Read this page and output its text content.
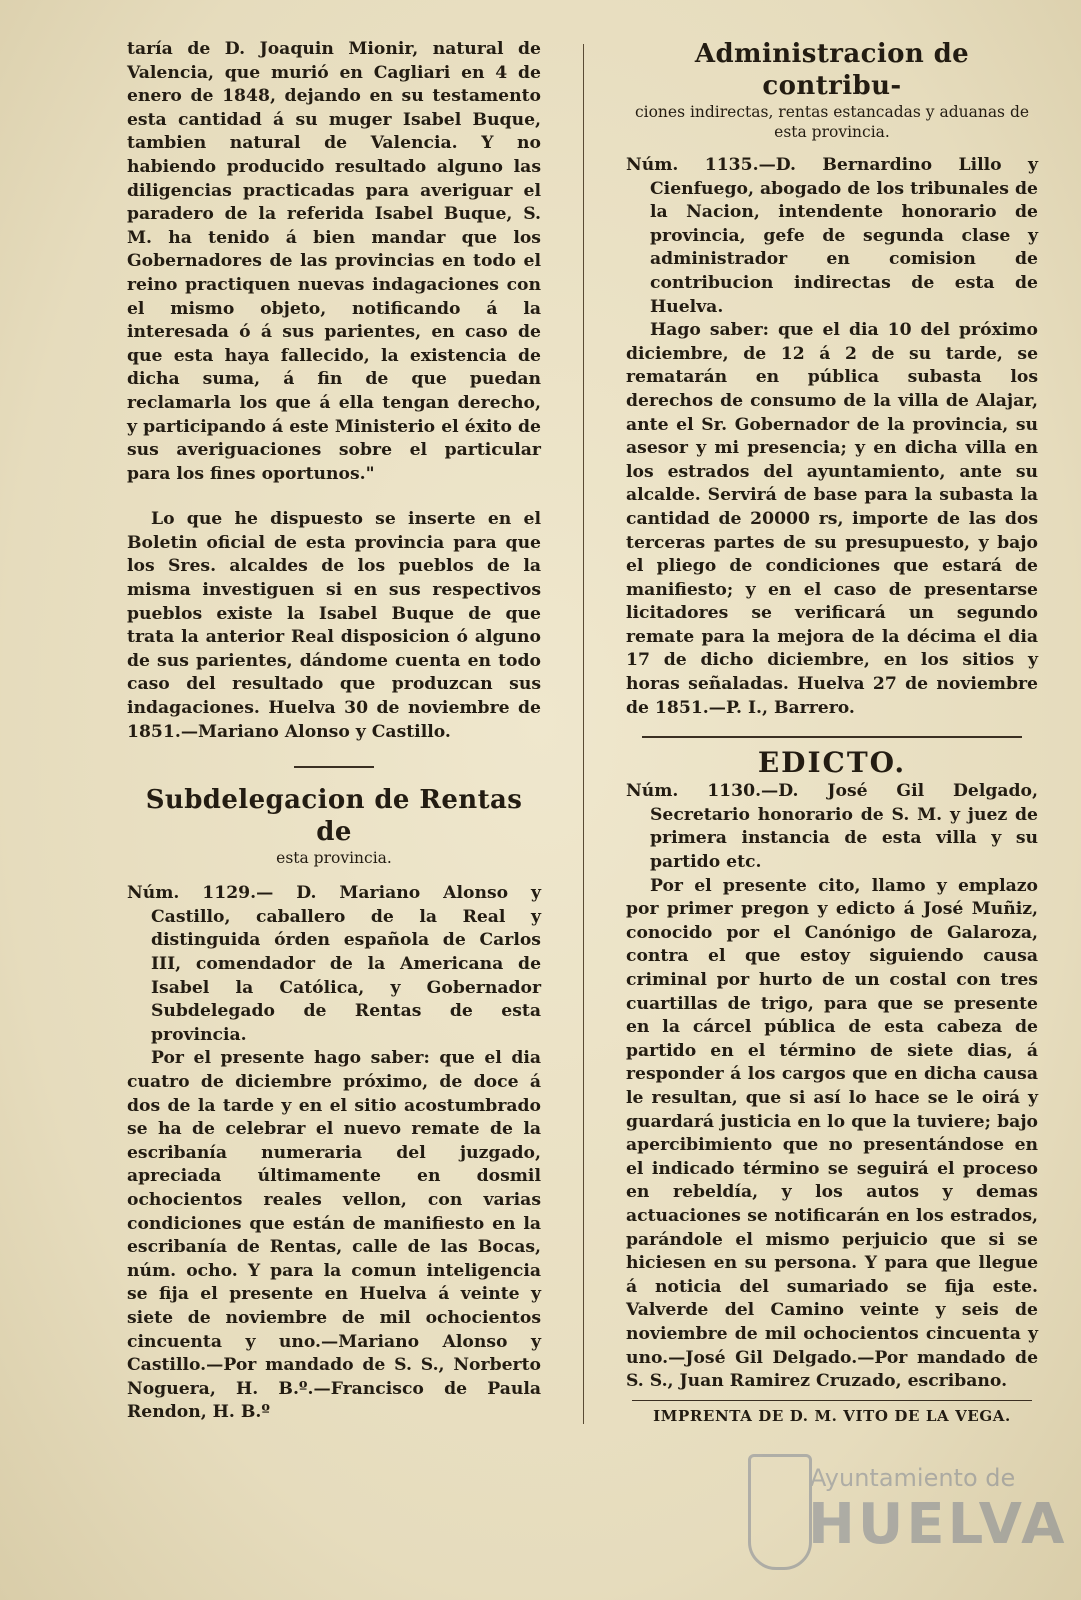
taría de D. Joaquin Mionir, natural de Valencia, que murió en Cagliari en 4 de enero de 1848, dejando en su testamento esta cantidad á su muger Isabel Buque, tambien natural de Valencia. Y no habiendo producido resultado alguno las diligencias practicadas para averiguar el paradero de la referida Isabel Buque, S. M. ha tenido á bien mandar que los Gobernadores de las provincias en todo el reino practiquen nuevas indagaciones con el mismo objeto, notificando á la interesada ó á sus parientes, en caso de que esta haya fallecido, la existencia de dicha suma, á fin de que puedan reclamarla los que á ella tengan derecho, y participando á este Ministerio el éxito de sus averiguaciones sobre el particular para los fines oportunos."

Lo que he dispuesto se inserte en el Boletin oficial de esta provincia para que los Sres. alcaldes de los pueblos de la misma investiguen si en sus respectivos pueblos existe la Isabel Buque de que trata la anterior Real disposicion ó alguno de sus parientes, dándome cuenta en todo caso del resultado que produzcan sus indagaciones. Huelva 30 de noviembre de 1851.—Mariano Alonso y Castillo.

Subdelegacion de Rentas de
esta provincia.

Núm. 1129.— D. Mariano Alonso y Castillo, caballero de la Real y distinguida órden española de Carlos III, comendador de la Americana de Isabel la Católica, y Gobernador Subdelegado de Rentas de esta provincia.

Por el presente hago saber: que el dia cuatro de diciembre próximo, de doce á dos de la tarde y en el sitio acostumbrado se ha de celebrar el nuevo remate de la escribanía numeraria del juzgado, apreciada últimamente en dosmil ochocientos reales vellon, con varias condiciones que están de manifiesto en la escribanía de Rentas, calle de las Bocas, núm. ocho. Y para la comun inteligencia se fija el presente en Huelva á veinte y siete de noviembre de mil ochocientos cincuenta y uno.—Mariano Alonso y Castillo.—Por mandado de S. S., Norberto Noguera, H. B.º.—Francisco de Paula Rendon, H. B.º

Administracion de contribu-
ciones indirectas, rentas estancadas y aduanas de esta provincia.

Núm. 1135.—D. Bernardino Lillo y Cienfuego, abogado de los tribunales de la Nacion, intendente honorario de provincia, gefe de segunda clase y administrador en comision de contribucion indirectas de esta de Huelva.

Hago saber: que el dia 10 del próximo diciembre, de 12 á 2 de su tarde, se rematarán en pública subasta los derechos de consumo de la villa de Alajar, ante el Sr. Gobernador de la provincia, su asesor y mi presencia; y en dicha villa en los estrados del ayuntamiento, ante su alcalde. Servirá de base para la subasta la cantidad de 20000 rs, importe de las dos terceras partes de su presupuesto, y bajo el pliego de condiciones que estará de manifiesto; y en el caso de presentarse licitadores se verificará un segundo remate para la mejora de la décima el dia 17 de dicho diciembre, en los sitios y horas señaladas. Huelva 27 de noviembre de 1851.—P. I., Barrero.

EDICTO.

Núm. 1130.—D. José Gil Delgado, Secretario honorario de S. M. y juez de primera instancia de esta villa y su partido etc.

Por el presente cito, llamo y emplazo por primer pregon y edicto á José Muñiz, conocido por el Canónigo de Galaroza, contra el que estoy siguiendo causa criminal por hurto de un costal con tres cuartillas de trigo, para que se presente en la cárcel pública de esta cabeza de partido en el término de siete dias, á responder á los cargos que en dicha causa le resultan, que si así lo hace se le oirá y guardará justicia en lo que la tuviere; bajo apercibimiento que no presentándose en el indicado término se seguirá el proceso en rebeldía, y los autos y demas actuaciones se notificarán en los estrados, parándole el mismo perjuicio que si se hiciesen en su persona. Y para que llegue á noticia del sumariado se fija este. Valverde del Camino veinte y seis de noviembre de mil ochocientos cincuenta y uno.—José Gil Delgado.—Por mandado de S. S., Juan Ramirez Cruzado, escribano.

IMPRENTA DE D. M. VITO DE LA VEGA.
Ayuntamiento de
HUELVA
